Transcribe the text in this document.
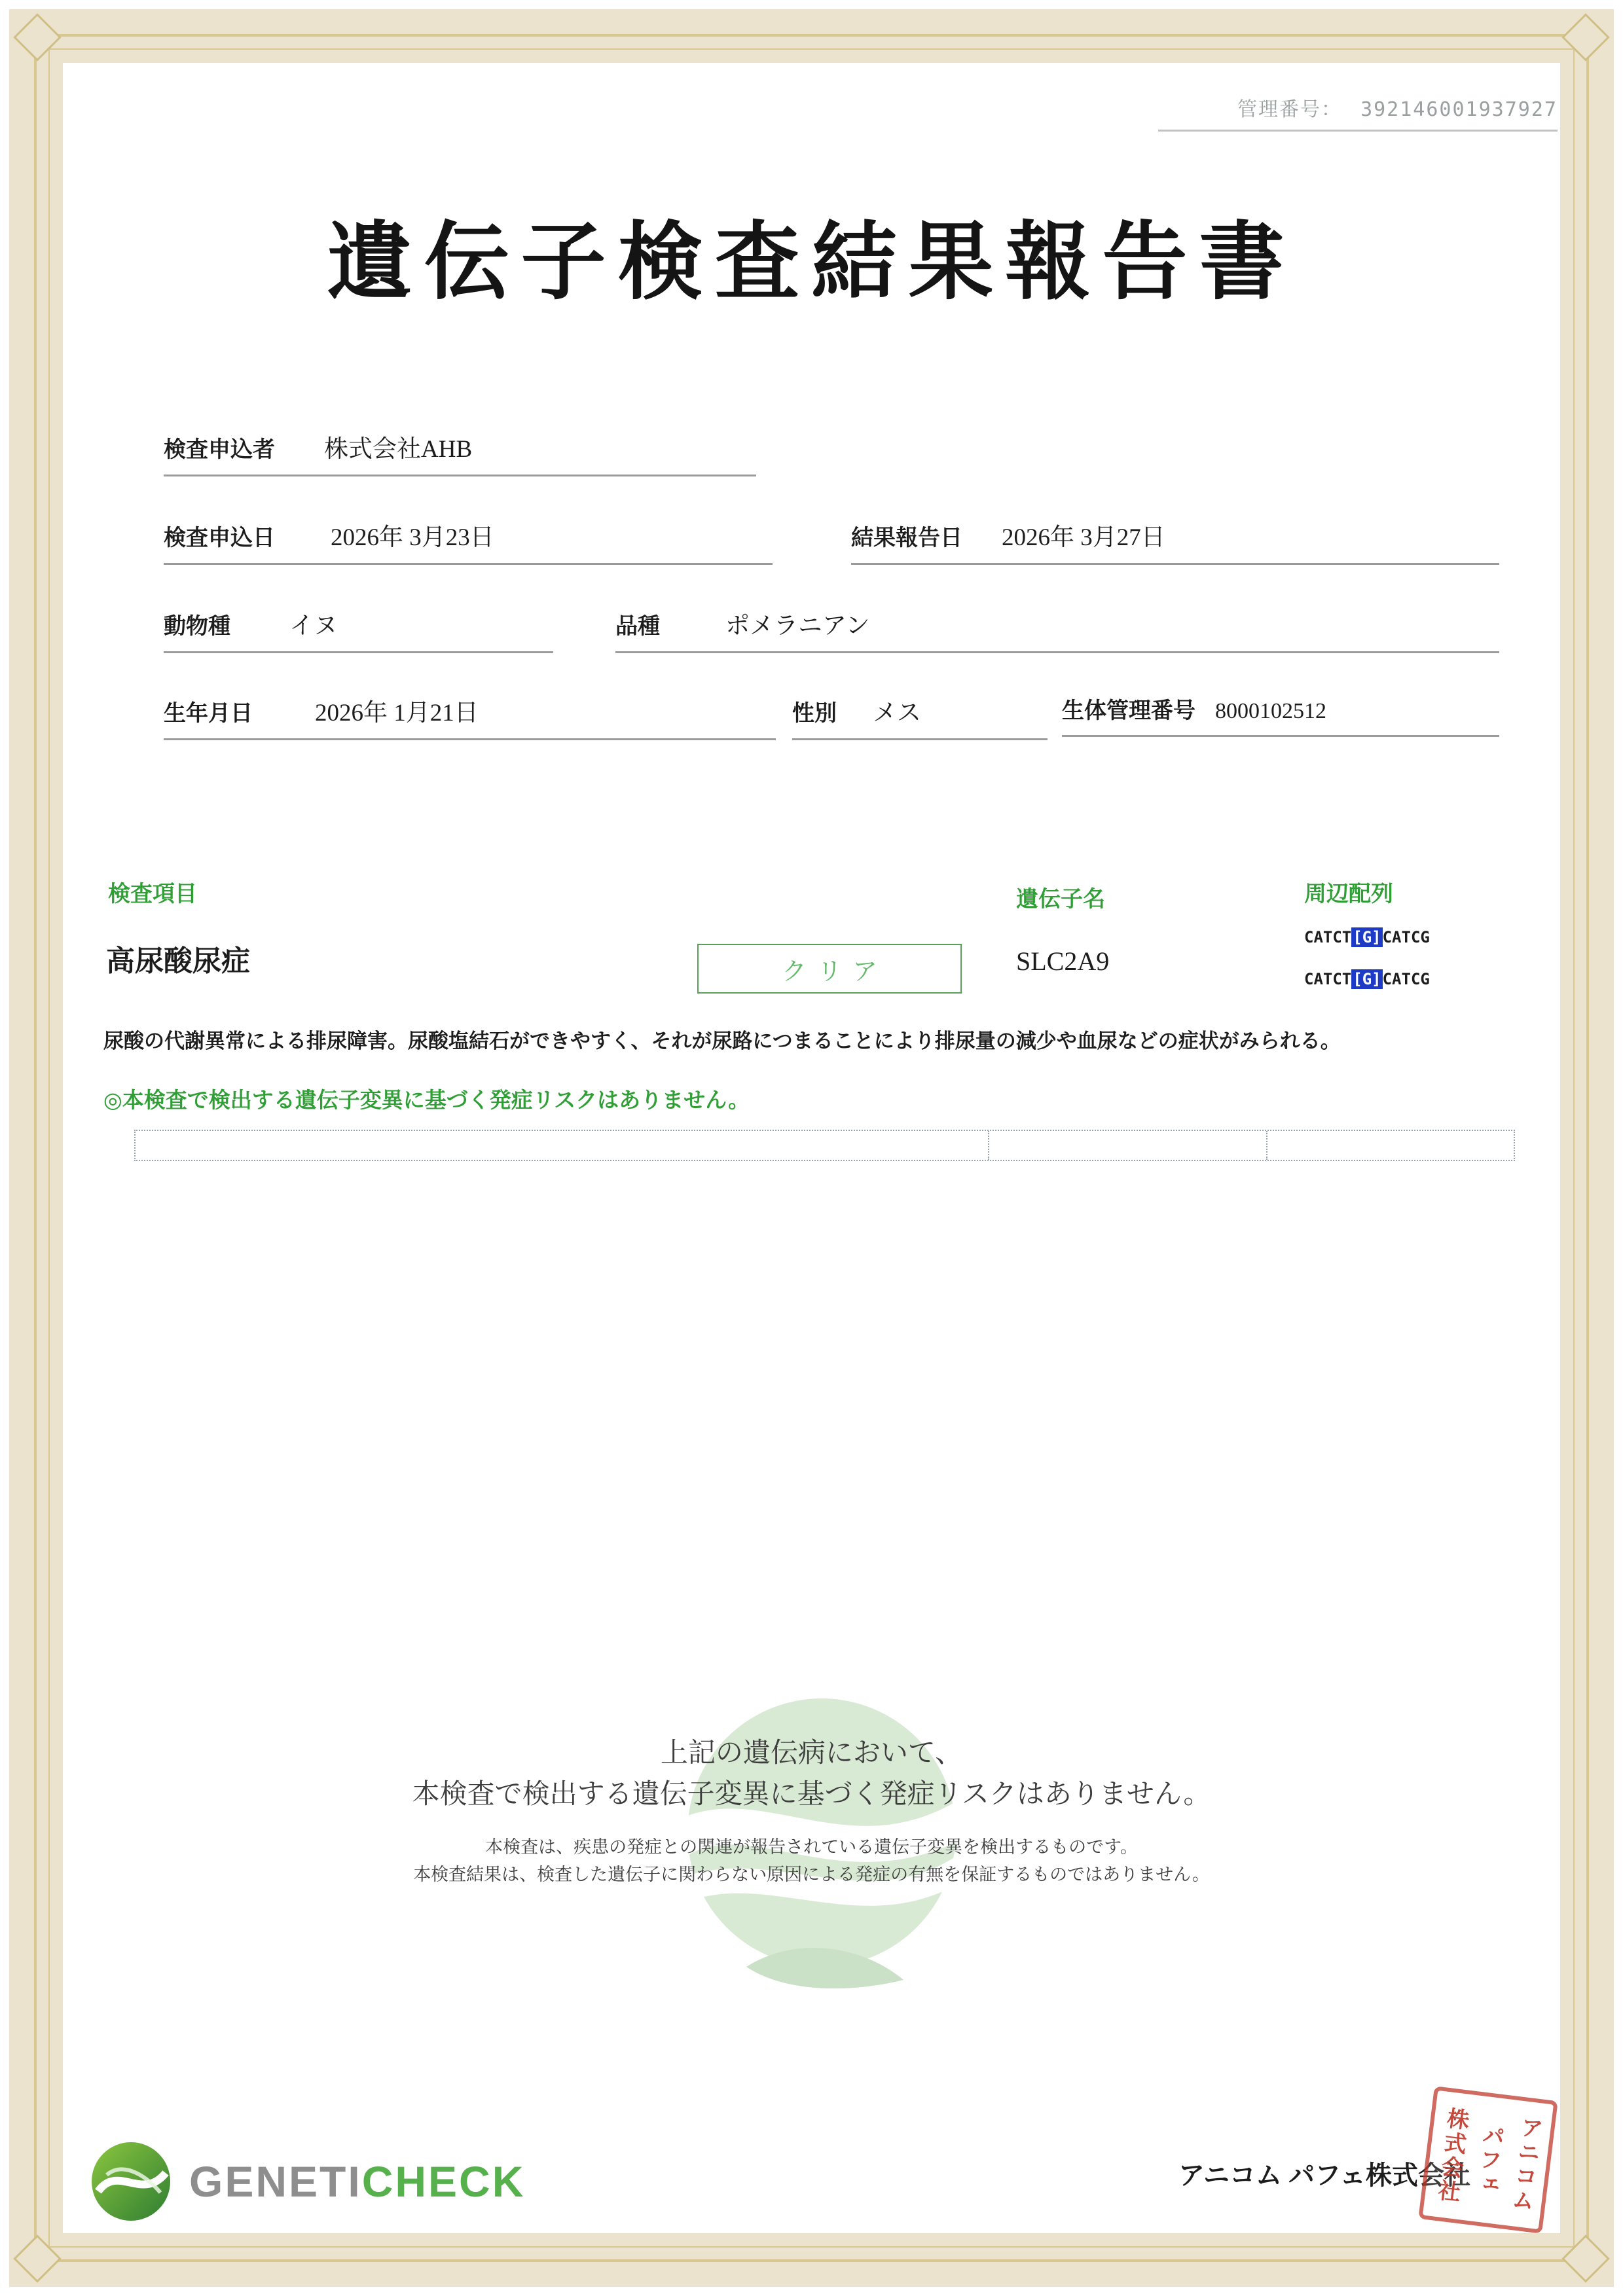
管理番号： 392146001937927
遺伝子検査結果報告書
検査申込者 株式会社AHB
検査申込日 2026年 3月23日	結果報告日 2026年 3月27日
動物種 イヌ	品種	ポメラニアン
生年月日	2026年 1月21日	性別 メス	生体管理番号 8000102512
検査項目	遺伝子名	周辺配列
高尿酸尿症	クリア	SLC2A9
CATCT[G]CATCG
CATCT[G]CATCG
尿酸の代謝異常による排尿障害。尿酸塩結石ができやすく、それが尿路につまることにより排尿量の減少や血尿などの症状がみられる。
◎本検査で検出する遺伝子変異に基づく発症リスクはありません。
上記の遺伝病において、
本検査で検出する遺伝子変異に基づく発症リスクはありません。
本検査は、疾患の発症との関連が報告されている遺伝子変異を検出するものです。
本検査結果は、検査した遺伝子に関わらない原因による発症の有無を保証するものではありません。
GENETICHECK	アニコム パフェ株式会社 アニコム
パフェ
株式会社
